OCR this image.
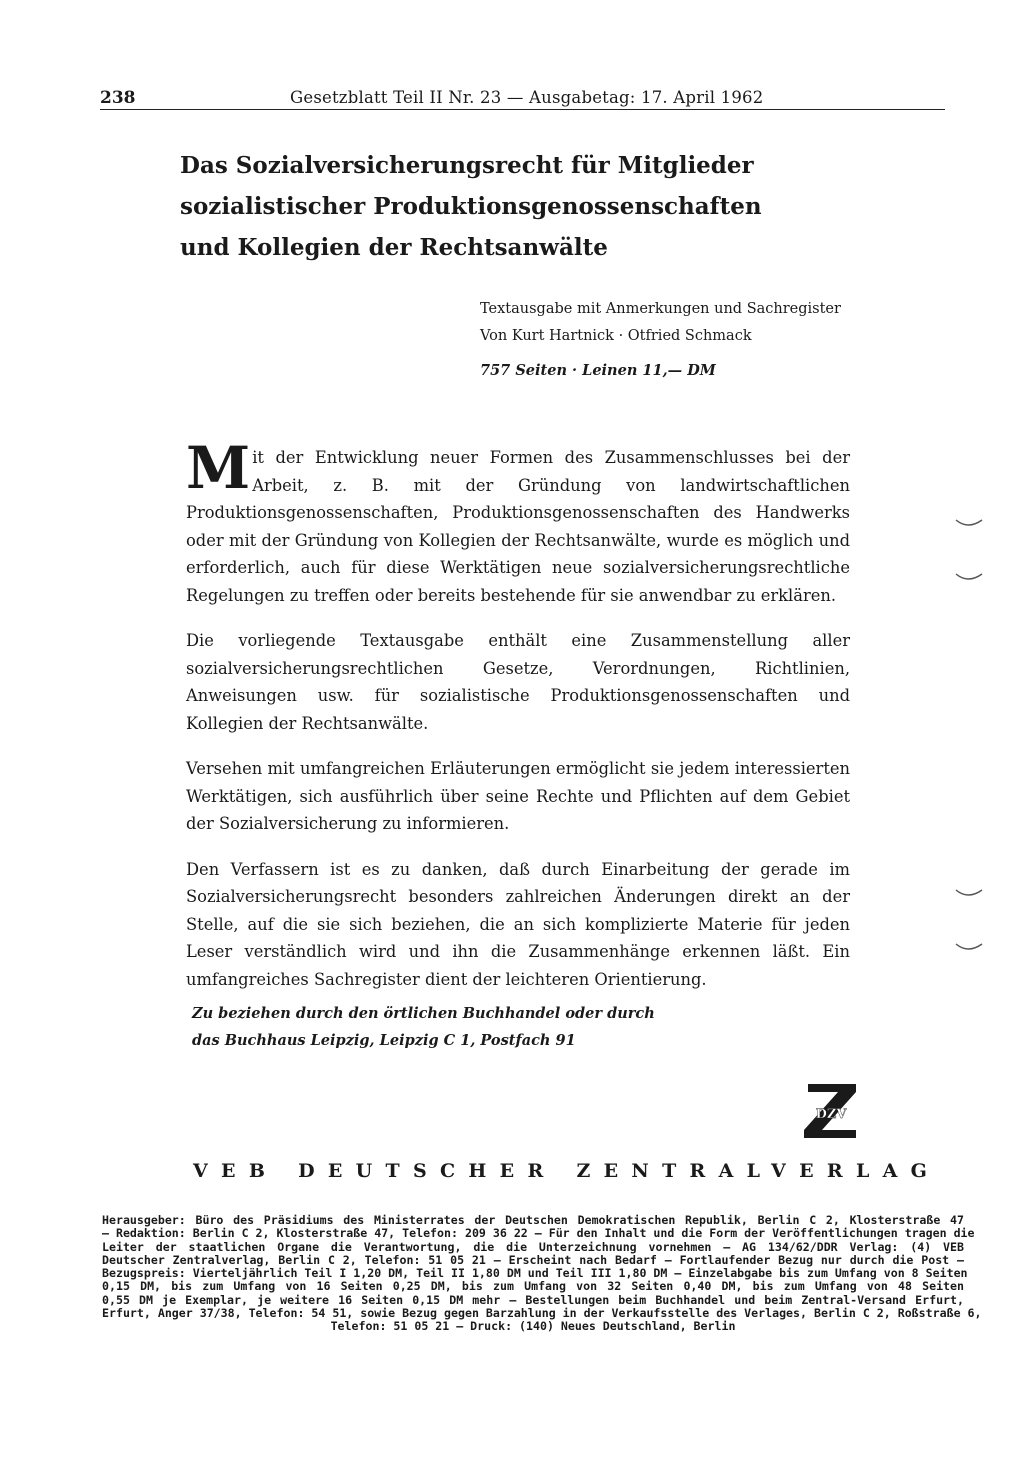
238	Gesetzblatt Teil II Nr. 23 — Ausgabetag: 17. April 1962
Das Sozialversicherungsrecht für Mitglieder
sozialistischer Produktionsgenossenschaften
und Kollegien der Rechtsanwälte
Textausgabe mit Anmerkungen und Sachregister
Von Kurt Hartnick · Otfried Schmack
757 Seiten · Leinen 11,— DM

M it der Entwicklung neuer Formen des Zusammenschlusses bei der Arbeit, z. B. mit der Gründung von landwirtschaftlichen Produktionsgenossenschaften, Produktionsgenossenschaften des Handwerks oder mit der Gründung von Kollegien der Rechtsanwälte, wurde es möglich und erforderlich, auch für diese Werktätigen neue sozialversicherungsrechtliche Regelungen zu treffen oder bereits bestehende für sie anwendbar zu erklären.

Die vorliegende Textausgabe enthält eine Zusammenstellung aller sozialversicherungsrechtlichen Gesetze, Verordnungen, Richtlinien, Anweisungen usw. für sozialistische Produktionsgenossenschaften und Kollegien der Rechtsanwälte.

Versehen mit umfangreichen Erläuterungen ermöglicht sie jedem interessierten Werktätigen, sich ausführlich über seine Rechte und Pflichten auf dem Gebiet der Sozialversicherung zu informieren.

Den Verfassern ist es zu danken, daß durch Einarbeitung der gerade im Sozialversicherungsrecht besonders zahlreichen Änderungen direkt an der Stelle, auf die sie sich beziehen, die an sich komplizierte Materie für jeden Leser verständlich wird und ihn die Zusammenhänge erkennen läßt. Ein umfangreiches Sachregister dient der leichteren Orientierung.

Zu beziehen durch den örtlichen Buchhandel oder durch
das Buchhaus Leipzig, Leipzig C 1, Postfach 91
DZV
VEB DEUTSCHER ZENTRALVERLAG
Herausgeber: Büro des Präsidiums des Ministerrates der Deutschen Demokratischen Republik, Berlin C 2, Klosterstraße 47
– Redaktion: Berlin C 2, Klosterstraße 47, Telefon: 209 36 22 – Für den Inhalt und die Form der Veröffentlichungen tragen die
Leiter der staatlichen Organe die Verantwortung, die die Unterzeichnung vornehmen – AG 134/62/DDR Verlag: (4) VEB
Deutscher Zentralverlag, Berlin C 2, Telefon: 51 05 21 – Erscheint nach Bedarf – Fortlaufender Bezug nur durch die Post –
Bezugspreis: Vierteljährlich Teil I 1,20 DM, Teil II 1,80 DM und Teil III 1,80 DM – Einzelabgabe bis zum Umfang von 8 Seiten
0,15 DM, bis zum Umfang von 16 Seiten 0,25 DM, bis zum Umfang von 32 Seiten 0,40 DM, bis zum Umfang von 48 Seiten
0,55 DM je Exemplar, je weitere 16 Seiten 0,15 DM mehr – Bestellungen beim Buchhandel und beim Zentral-Versand Erfurt,
Erfurt, Anger 37/38, Telefon: 54 51, sowie Bezug gegen Barzahlung in der Verkaufsstelle des Verlages, Berlin C 2, Roßstraße 6,
Telefon: 51 05 21 – Druck: (140) Neues Deutschland, Berlin
